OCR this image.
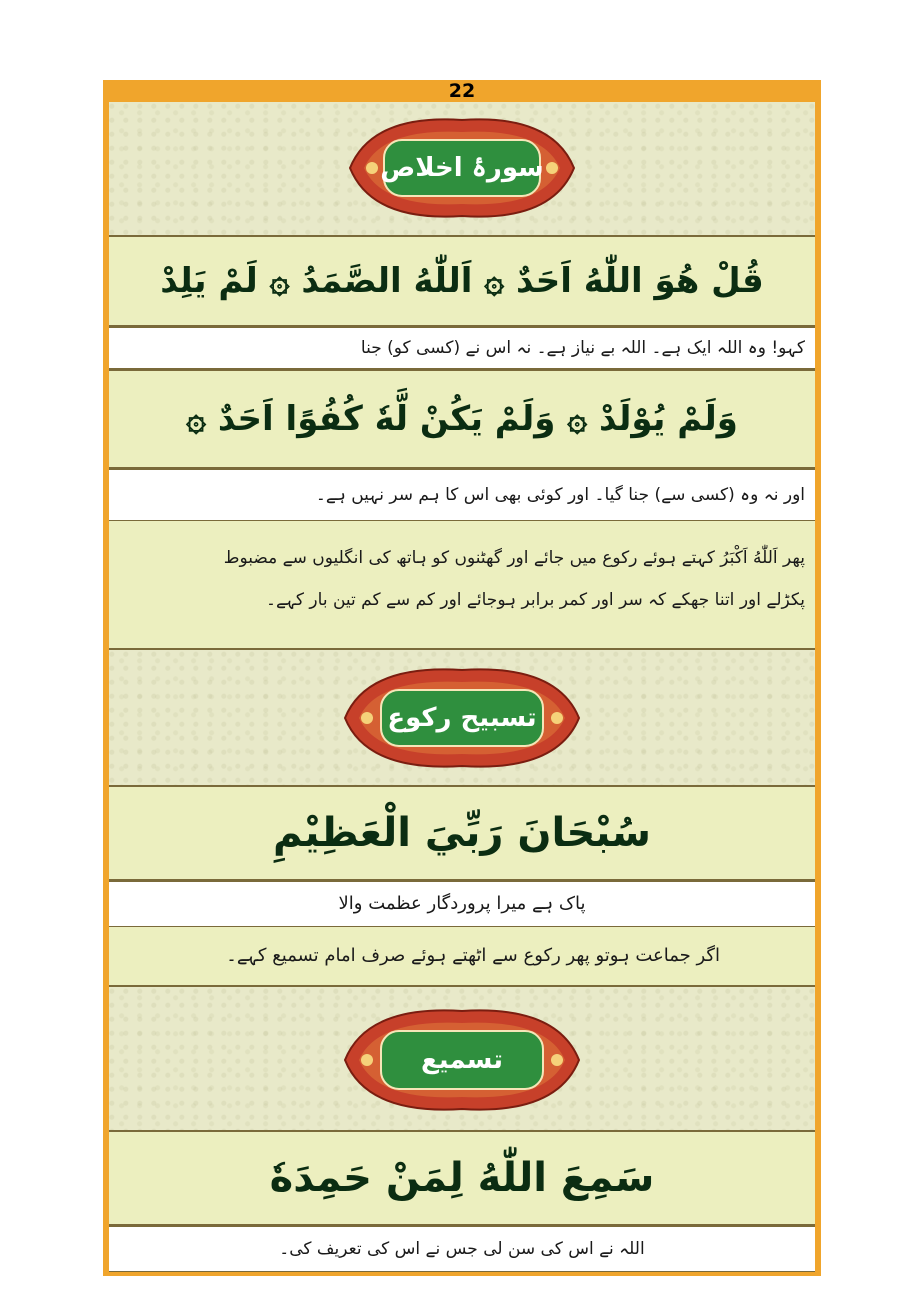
22
سورۂ اخلاص
قُلْ هُوَ اللّٰهُ اَحَدٌ ۞ اَللّٰهُ الصَّمَدُ ۞ لَمْ يَلِدْ
کہو! وہ اللہ ایک ہے۔ اللہ بے نیاز ہے۔ نہ اس نے (کسی کو) جنا
وَلَمْ يُوْلَدْ ۞ وَلَمْ يَكُنْ لَّهٗ كُفُوًا اَحَدٌ ۞
اور نہ وہ (کسی سے) جنا گیا۔ اور کوئی بھی اس کا ہم سر نہیں ہے۔
پھر اَللّٰهُ اَكْبَرُ کہتے ہوئے رکوع میں جائے اور گھٹنوں کو ہاتھ کی انگلیوں سے مضبوط
پکڑلے اور اتنا جھکے کہ سر اور کمر برابر ہوجائے اور کم سے کم تین بار کہے۔
تسبیح رکوع
سُبْحَانَ رَبِّيَ الْعَظِيْمِ
پاک ہے میرا پروردگار عظمت والا
اگر جماعت ہوتو پھر رکوع سے اٹھتے ہوئے صرف امام تسمیع کہے۔
تسمیع
سَمِعَ اللّٰهُ لِمَنْ حَمِدَهٗ
اللہ نے اس کی سن لی جس نے اس کی تعریف کی۔
